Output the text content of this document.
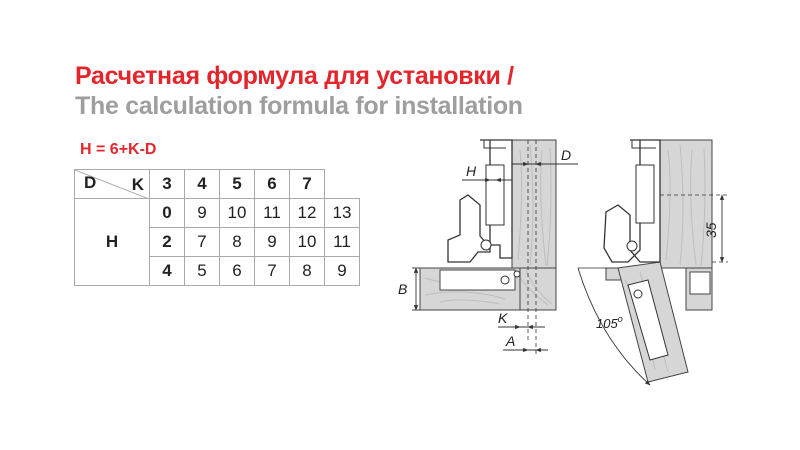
Расчетная формула для установки /
The calculation formula for installation
H = 6+K-D
D K	3	4	5	6	7	
H	0	9	10	11	12	13
	2	7	8	9	10	11
	4	5	6	7	8	9
D
H
B
K
A
105$^o$
35
